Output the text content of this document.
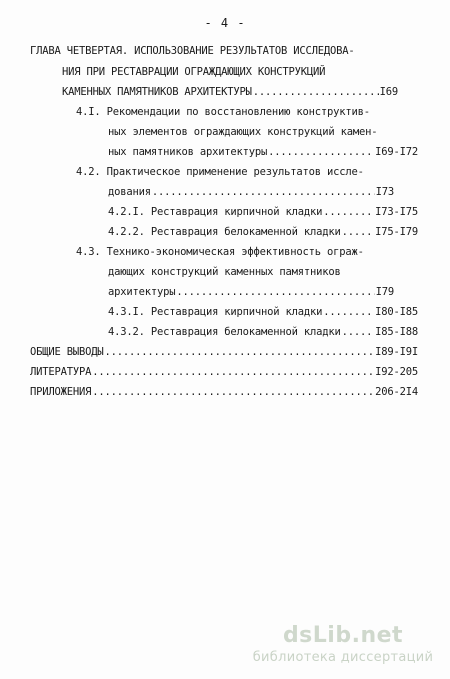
- 4 -
ГЛАВА ЧЕТВЕРТАЯ. ИСПОЛЬЗОВАНИЕ РЕЗУЛЬТАТОВ ИССЛЕДОВА-
НИЯ ПРИ РЕСТАВРАЦИИ ОГРАЖДАЮЩИХ КОНСТРУКЦИЙ
КАМЕННЫХ ПАМЯТНИКОВ АРХИТЕКТУРЫ .....	I69
4.I. Рекомендации по восстановлению конструктив-
ных элементов ограждающих конструкций камен-
ных памятников архитектуры .....	I69-I72
4.2. Практическое применение результатов иссле-
дования .....	I73
4.2.I. Реставрация кирпичной кладки .....	I73-I75
4.2.2. Реставрация белокаменной кладки .....	I75-I79
4.3. Технико-экономическая эффективность ограж-
дающих конструкций каменных памятников
архитектуры .....	I79
4.3.I. Реставрация кирпичной кладки .....	I80-I85
4.3.2. Реставрация белокаменной кладки .....	I85-I88
ОБЩИЕ ВЫВОДЫ .....	I89-I9I
ЛИТЕРАТУРА .....	I92-205
ПРИЛОЖЕНИЯ .....	206-2I4
dsLib.net
библиотека диссертаций
